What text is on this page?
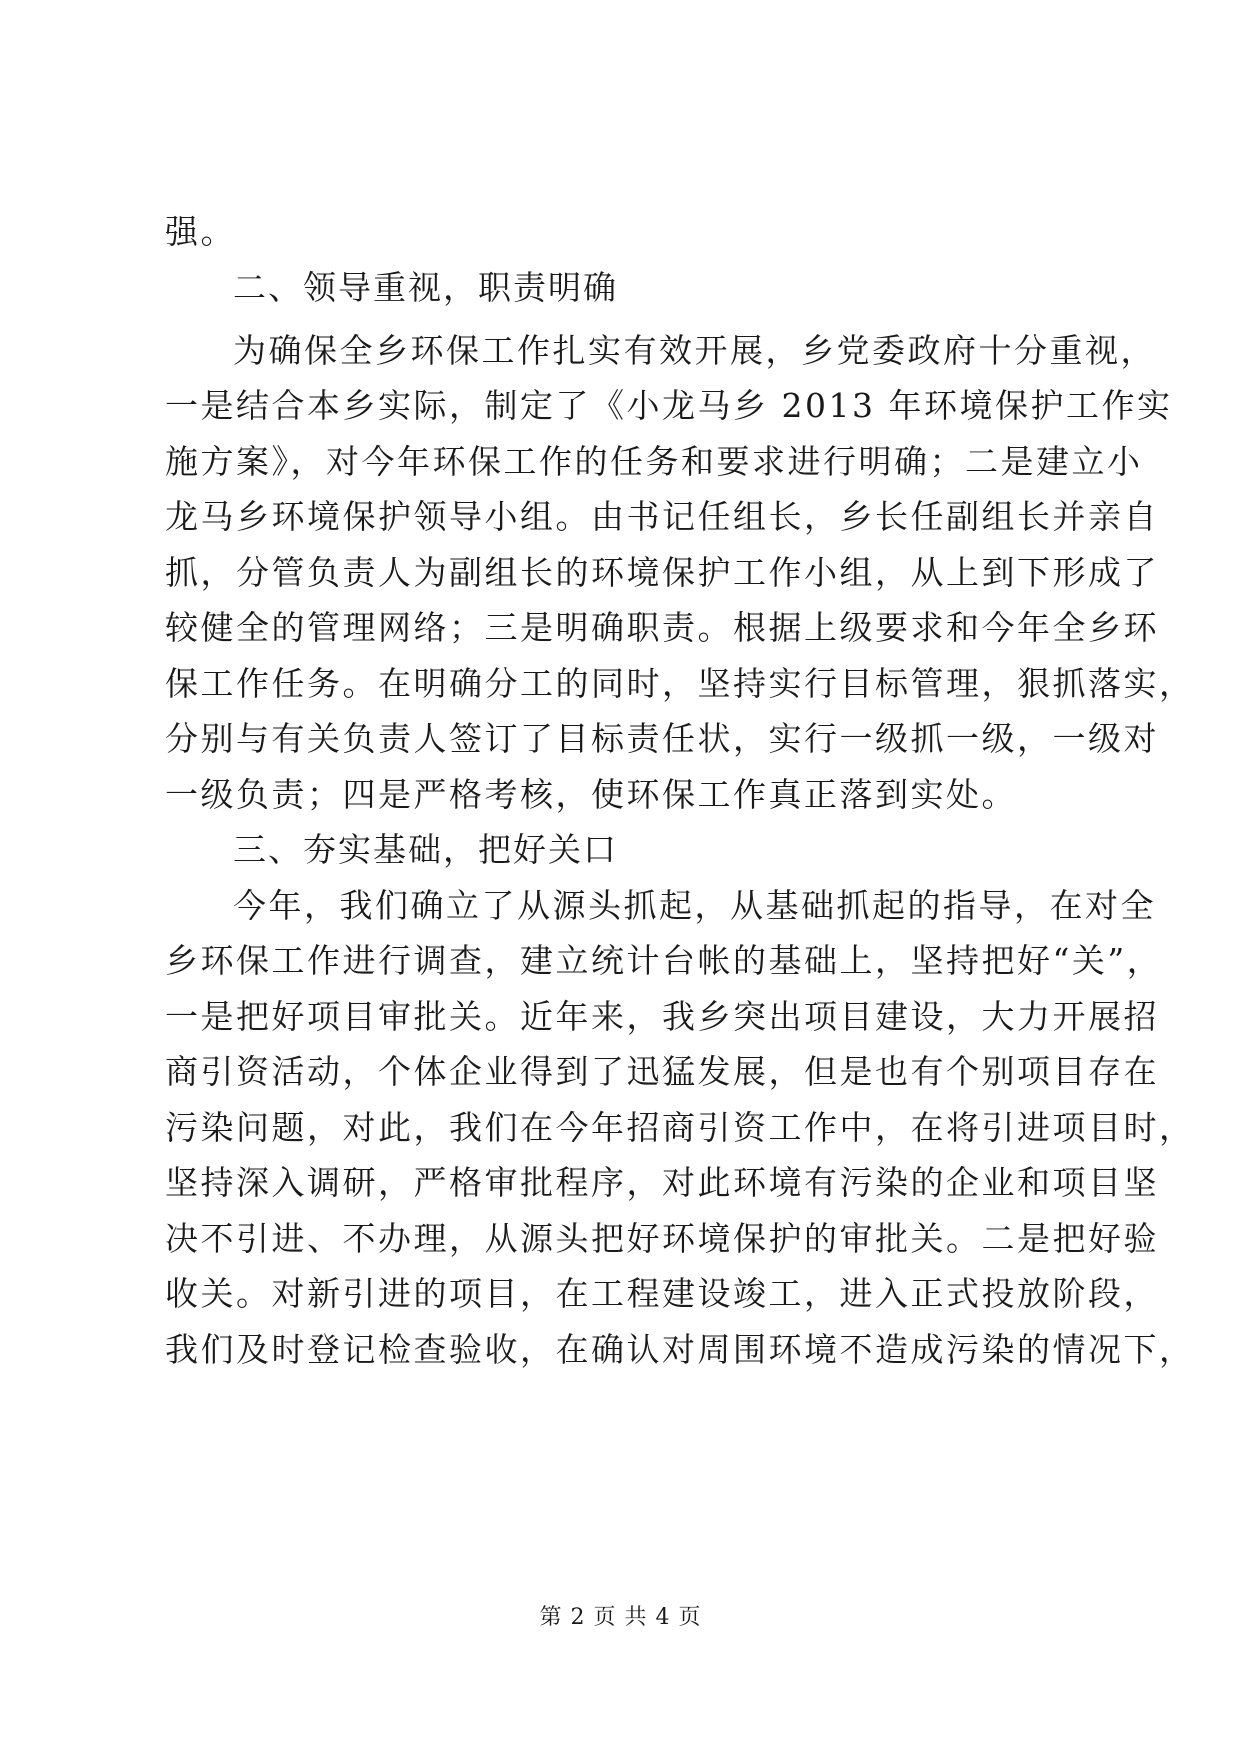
强。
二、领导重视，职责明确
为确保全乡环保工作扎实有效开展，乡党委政府十分重视，
一是结合本乡实际，制定了《小龙马乡 2013 年环境保护工作实
施方案》，对今年环保工作的任务和要求进行明确；二是建立小
龙马乡环境保护领导小组。由书记任组长，乡长任副组长并亲自
抓，分管负责人为副组长的环境保护工作小组，从上到下形成了
较健全的管理网络；三是明确职责。根据上级要求和今年全乡环
保工作任务。在明确分工的同时，坚持实行目标管理，狠抓落实，
分别与有关负责人签订了目标责任状，实行一级抓一级，一级对
一级负责；四是严格考核，使环保工作真正落到实处。
三、夯实基础，把好关口
今年，我们确立了从源头抓起，从基础抓起的指导，在对全
乡环保工作进行调查，建立统计台帐的基础上，坚持把好“关”，
一是把好项目审批关。近年来，我乡突出项目建设，大力开展招
商引资活动，个体企业得到了迅猛发展，但是也有个别项目存在
污染问题，对此，我们在今年招商引资工作中，在将引进项目时，
坚持深入调研，严格审批程序，对此环境有污染的企业和项目坚
决不引进、不办理，从源头把好环境保护的审批关。二是把好验
收关。对新引进的项目，在工程建设竣工，进入正式投放阶段，
我们及时登记检查验收，在确认对周围环境不造成污染的情况下，
第 2 页 共 4 页
